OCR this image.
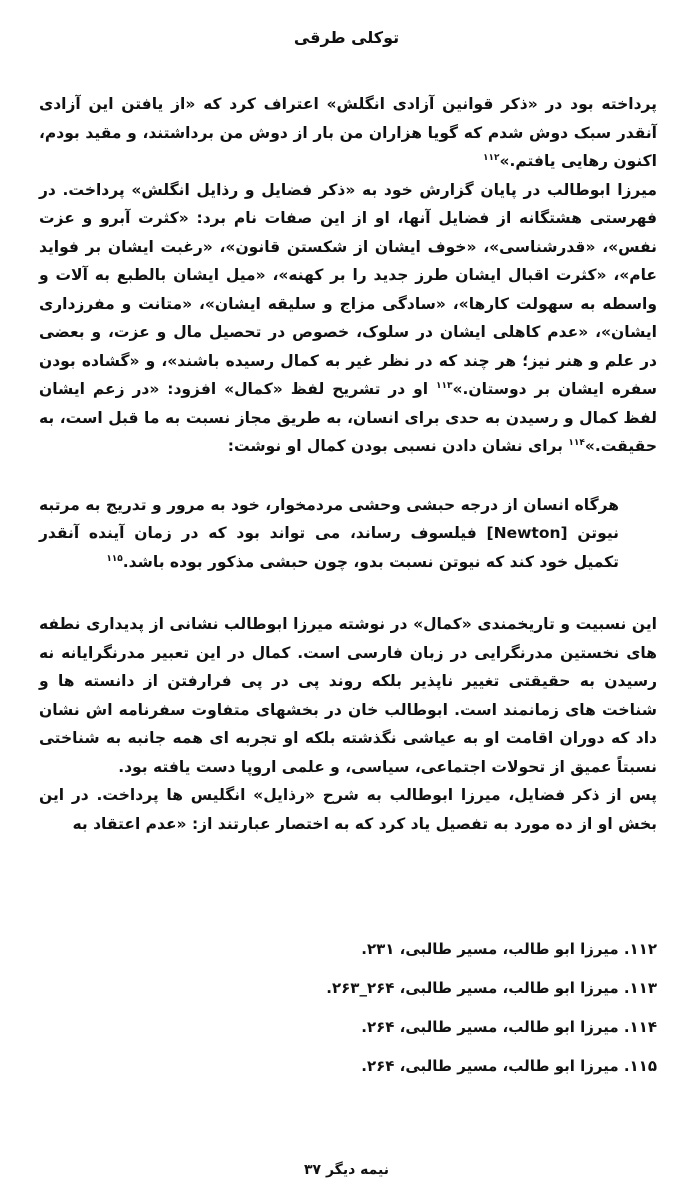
توکلی طرقی

پرداخته بود در «ذکر قوانین آزادی انگلش» اعتراف کرد که «از یافتن این آزادی آنقدر سبک دوش شدم که گویا هزاران من بار از دوش من برداشتند، و مقید بودم، اکنون رهایی یافتم.»$^{۱۱۲}$

میرزا ابوطالب در پایان گزارش خود به «ذکر فضایل و رذایل انگلش» پرداخت. در فهرستی هشتگانه از فضایل آنها، او از این صفات نام برد: «کثرت آبرو و عزت نفس»، «قدرشناسی»، «خوف ایشان از شکستن قانون»، «رغبت ایشان بر فواید عام»، «کثرت اقبال ایشان طرز جدید را بر کهنه»، «میل ایشان بالطبع به آلات و واسطه به سهولت کارها»، «سادگی مزاج و سلیقه ایشان»، «متانت و مفرزداری ایشان»، «عدم کاهلی ایشان در سلوک، خصوص در تحصیل مال و عزت، و بعضی در علم و هنر نیز؛ هر چند که در نظر غیر به کمال رسیده باشند»، و «گشاده بودن سفره ایشان بر دوستان.»$^{۱۱۳}$ او در تشریح لفظ «کمال» افزود: «در زعم ایشان لفظ کمال و رسیدن به حدی برای انسان، به طریق مجاز نسبت به ما قبل است، به حقیقت.»$^{۱۱۴}$ برای نشان دادن نسبی بودن کمال او نوشت:

هرگاه انسان از درجه حبشی وحشی مردمخوار، خود به مرور و تدریج به مرتبه نیوتن [Newton] فیلسوف رساند، می تواند بود که در زمان آینده آنقدر تکمیل خود کند که نیوتن نسبت بدو، چون حبشی مذکور بوده باشد.$^{۱۱۵}$

این نسبیت و تاریخمندی «کمال» در نوشته میرزا ابوطالب نشانی از پدیداری نطفه های نخستین مدرنگرایی در زبان فارسی است. کمال در این تعبیر مدرنگرایانه نه رسیدن به حقیقتی تغییر ناپذیر بلکه روند پی در پی فرارفتن از دانسته ها و شناخت های زمانمند است. ابوطالب خان در بخشهای متفاوت سفرنامه اش نشان داد که دوران اقامت او به عیاشی نگذشته بلکه او تجربه ای همه جانبه به شناختی نسبتاً عمیق از تحولات اجتماعی، سیاسی، و علمی اروپا دست یافته بود.

پس از ذکر فضایل، میرزا ابوطالب به شرح «رذایل» انگلیس ها پرداخت. در این بخش او از ده مورد به تفصیل یاد کرد که به اختصار عبارتند از: «عدم اعتقاد به

۱۱۲. میرزا ابو طالب، مسیر طالبی، ۲۳۱.
۱۱۳. میرزا ابو طالب، مسیر طالبی، ۲۶۴_۲۶۳.
۱۱۴. میرزا ابو طالب، مسیر طالبی، ۲۶۴.
۱۱۵. میرزا ابو طالب، مسیر طالبی، ۲۶۴.
نیمه دیگر ۳۷
